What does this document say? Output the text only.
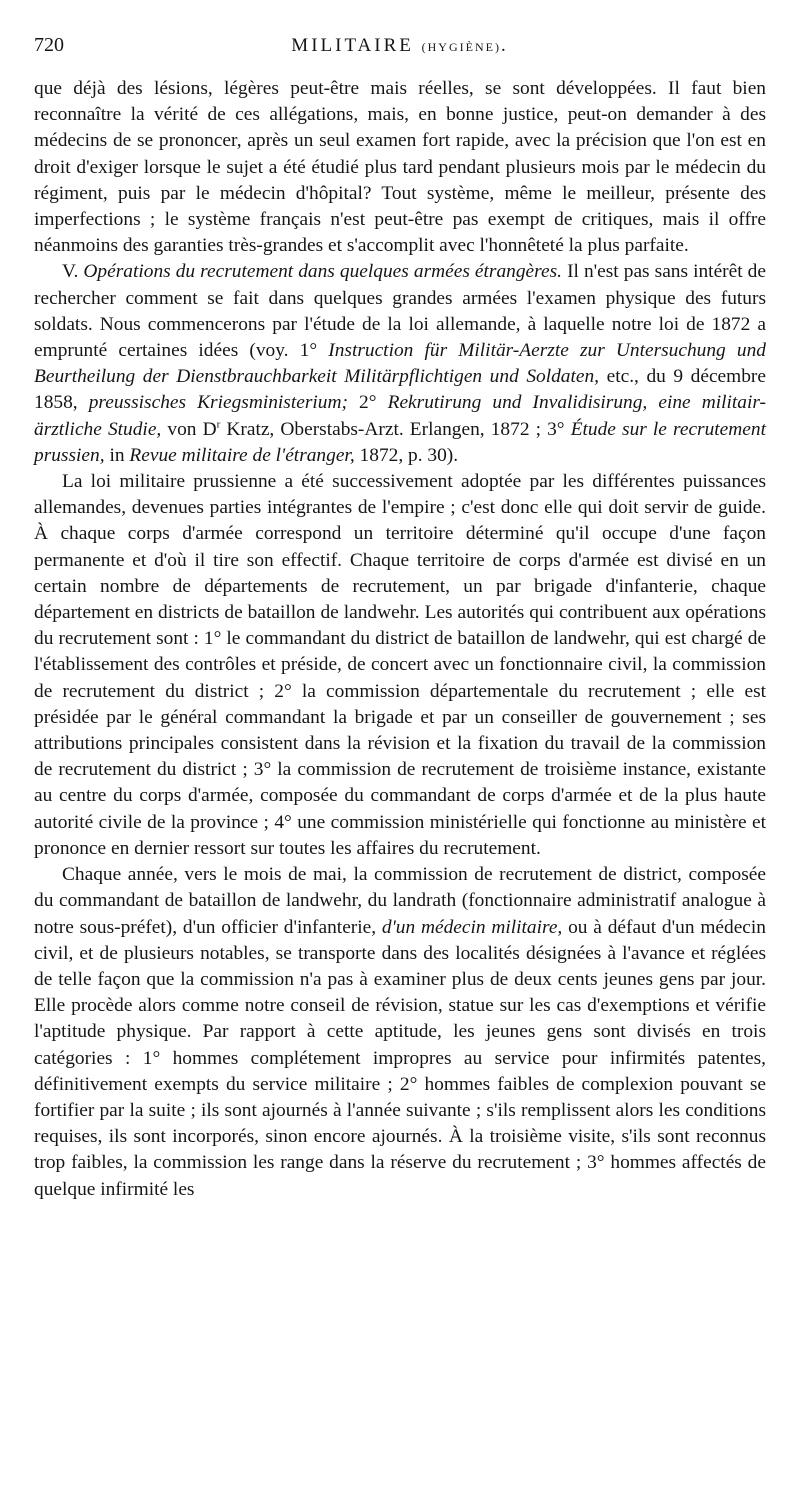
720	MILITAIRE (HYGIÈNE).

que déjà des lésions, légères peut-être mais réelles, se sont développées. Il faut bien reconnaître la vérité de ces allégations, mais, en bonne justice, peut-on demander à des médecins de se prononcer, après un seul examen fort rapide, avec la précision que l'on est en droit d'exiger lorsque le sujet a été étudié plus tard pendant plusieurs mois par le médecin du régiment, puis par le médecin d'hôpital? Tout système, même le meilleur, présente des imperfections ; le système français n'est peut-être pas exempt de critiques, mais il offre néanmoins des garanties très-grandes et s'accomplit avec l'honnêteté la plus parfaite.

V. Opérations du recrutement dans quelques armées étrangères. Il n'est pas sans intérêt de rechercher comment se fait dans quelques grandes armées l'examen physique des futurs soldats. Nous commencerons par l'étude de la loi allemande, à laquelle notre loi de 1872 a emprunté certaines idées (voy. 1° Instruction für Militär-Aerzte zur Untersuchung und Beurtheilung der Dienstbrauchbarkeit Militärpflichtigen und Soldaten, etc., du 9 décembre 1858, preussisches Kriegsministerium; 2° Rekrutirung und Invalidisirung, eine militair-ärztliche Studie, von $D^r$ Kratz, Oberstabs-Arzt. Erlangen, 1872 ; 3° Étude sur le recrutement prussien, in Revue militaire de l'étranger, 1872, p. 30).

La loi militaire prussienne a été successivement adoptée par les différentes puissances allemandes, devenues parties intégrantes de l'empire ; c'est donc elle qui doit servir de guide. À chaque corps d'armée correspond un territoire déterminé qu'il occupe d'une façon permanente et d'où il tire son effectif. Chaque territoire de corps d'armée est divisé en un certain nombre de départements de recrutement, un par brigade d'infanterie, chaque département en districts de bataillon de landwehr. Les autorités qui contribuent aux opérations du recrutement sont : 1° le commandant du district de bataillon de landwehr, qui est chargé de l'établissement des contrôles et préside, de concert avec un fonctionnaire civil, la commission de recrutement du district ; 2° la commission départementale du recrutement ; elle est présidée par le général commandant la brigade et par un conseiller de gouvernement ; ses attributions principales consistent dans la révision et la fixation du travail de la commission de recrutement du district ; 3° la commission de recrutement de troisième instance, existante au centre du corps d'armée, composée du commandant de corps d'armée et de la plus haute autorité civile de la province ; 4° une commission ministérielle qui fonctionne au ministère et prononce en dernier ressort sur toutes les affaires du recrutement.

Chaque année, vers le mois de mai, la commission de recrutement de district, composée du commandant de bataillon de landwehr, du landrath (fonctionnaire administratif analogue à notre sous-préfet), d'un officier d'infanterie, d'un médecin militaire, ou à défaut d'un médecin civil, et de plusieurs notables, se transporte dans des localités désignées à l'avance et réglées de telle façon que la commission n'a pas à examiner plus de deux cents jeunes gens par jour. Elle procède alors comme notre conseil de révision, statue sur les cas d'exemptions et vérifie l'aptitude physique. Par rapport à cette aptitude, les jeunes gens sont divisés en trois catégories : 1° hommes complétement impropres au service pour infirmités patentes, définitivement exempts du service militaire ; 2° hommes faibles de complexion pouvant se fortifier par la suite ; ils sont ajournés à l'année suivante ; s'ils remplissent alors les conditions requises, ils sont incorporés, sinon encore ajournés. À la troisième visite, s'ils sont reconnus trop faibles, la commission les range dans la réserve du recrutement ; 3° hommes affectés de quelque infirmité les
